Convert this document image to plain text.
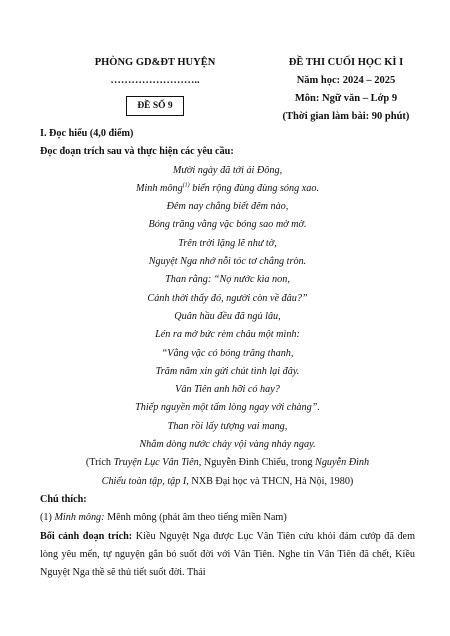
PHÒNG GD&ĐT HUYỆN
……………………..
ĐỀ SỐ 9
ĐỀ THI CUỐI HỌC KÌ I
Năm học: 2024 – 2025
Môn: Ngữ văn – Lớp 9
(Thời gian làm bài: 90 phút)
I. Đọc hiểu (4,0 điểm)
Đọc đoạn trích sau và thực hiện các yêu cầu:
Mười ngày đã tới ải Đông,
Minh mông$^{(1)}$ biển rộng đùng đùng sóng xao.
Đêm nay chẳng biết đêm nào,
Bóng trăng vằng vặc bóng sao mờ mờ.
Trên trời lặng lẽ như tờ,
Nguyệt Nga nhớ nỗi tóc tơ chẳng tròn.
Than rằng: “Nọ nước kìa non,
Cảnh thời thấy đó, người còn về đâu?”
Quân hầu đều đã ngủ lâu,
Lén ra mở bức rèm châu một mình:
“Vằng vặc có bóng trăng thanh,
Trăm năm xin gửi chút tình lại đây.
Vân Tiên anh hỡi có hay?
Thiếp nguyền một tấm lòng ngay với chàng”.
Than rồi lấy tượng vai mang,
Nhắm dòng nước chảy vội vàng nhảy ngay.
(Trích Truyện Lục Vân Tiên, Nguyễn Đình Chiểu, trong Nguyễn Đình
Chiểu toàn tập, tập I, NXB Đại học và THCN, Hà Nội, 1980)
Chú thích:
(1) Minh mông: Mênh mông (phát âm theo tiếng miền Nam)
Bối cảnh đoạn trích: Kiều Nguyệt Nga được Lục Vân Tiên cứu khỏi đám cướp đã đem lòng yêu mến, tự nguyện gắn bó suốt đời với Vân Tiên. Nghe tin Vân Tiên đã chết, Kiều Nguyệt Nga thề sẽ thủ tiết suốt đời. Thái
